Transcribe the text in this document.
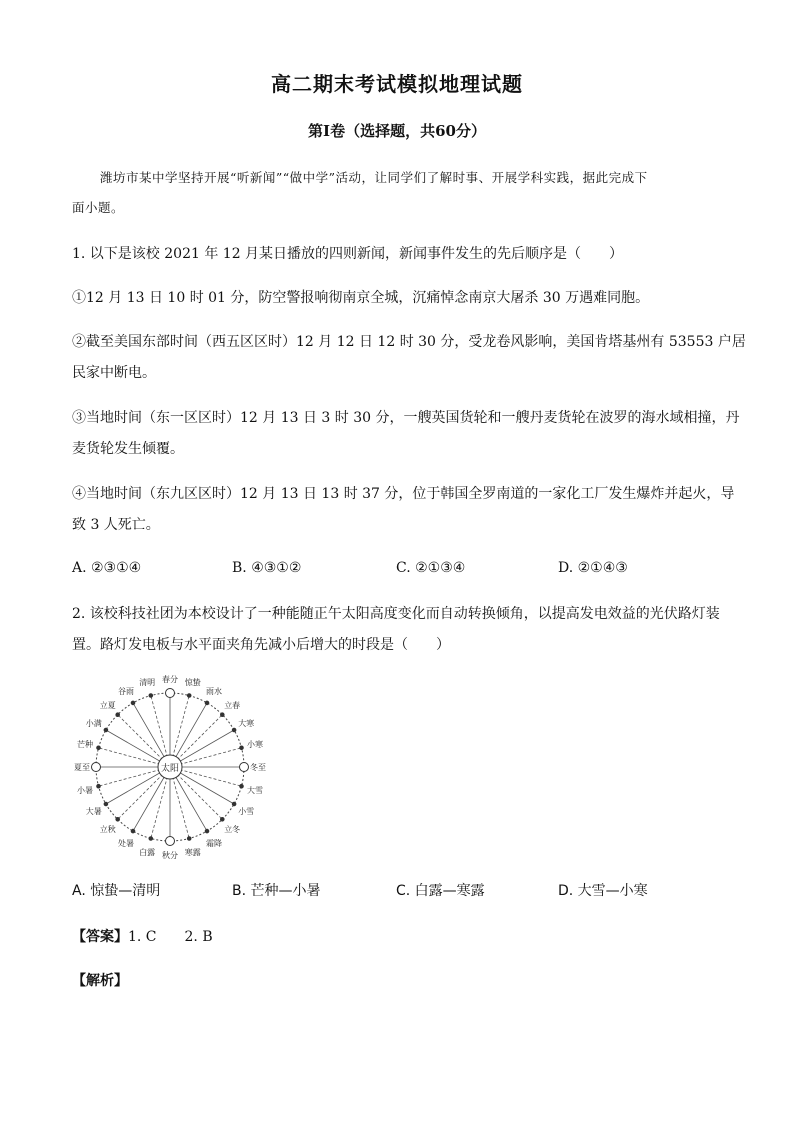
高二期末考试模拟地理试题
第Ⅰ卷（选择题，共60分）
潍坊市某中学坚持开展“听新闻”“做中学”活动，让同学们了解时事、开展学科实践，据此完成下
面小题。
1. 以下是该校 2021 年 12 月某日播放的四则新闻，新闻事件发生的先后顺序是（　　）
①12 月 13 日 10 时 01 分，防空警报响彻南京全城，沉痛悼念南京大屠杀 30 万遇难同胞。
②截至美国东部时间（西五区区时）12 月 12 日 12 时 30 分，受龙卷风影响，美国肯塔基州有 53553 户居
民家中断电。
③当地时间（东一区区时）12 月 13 日 3 时 30 分，一艘英国货轮和一艘丹麦货轮在波罗的海水域相撞，丹
麦货轮发生倾覆。
④当地时间（东九区区时）12 月 13 日 13 时 37 分，位于韩国全罗南道的一家化工厂发生爆炸并起火，导
致 3 人死亡。
A. ②③①④	B. ④③①②	C. ②①③④	D. ②①④③
2. 该校科技社团为本校设计了一种能随正午太阳高度变化而自动转换倾角，以提高发电效益的光伏路灯装
置。路灯发电板与水平面夹角先减小后增大的时段是（　　）
春分 惊蛰
雨水
立春
大寒
小寒
冬至
大雪
小雪
立冬
霜降
寒露
秋分
白露
处暑
立秋
大暑
小暑
夏至
芒种
小满
立夏
谷雨
清明
太阳
A. 惊蛰—清明	B. 芒种—小暑	C. 白露—寒露	D. 大雪—小寒
【答案】1. C　　2. B
【解析】
